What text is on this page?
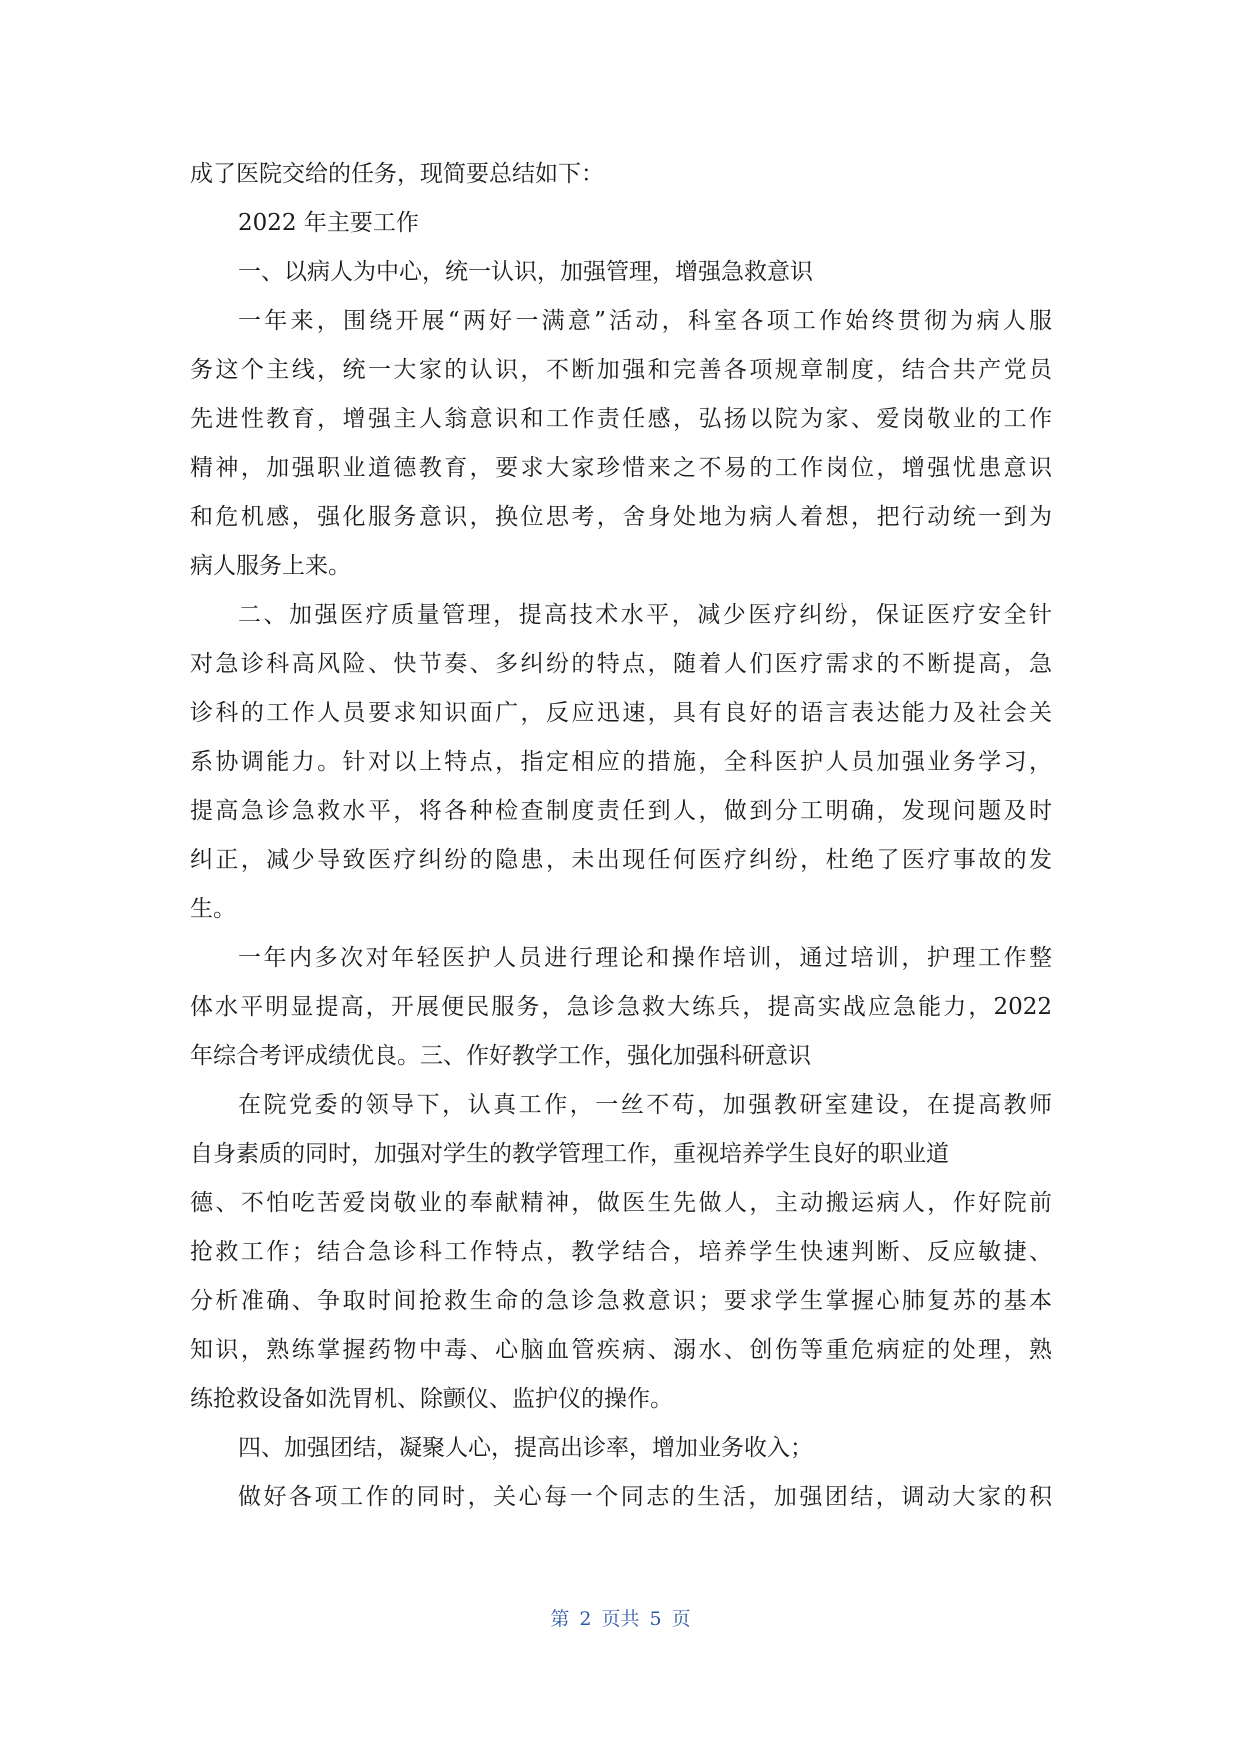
成了医院交给的任务，现简要总结如下：
2022 年主要工作
一、以病人为中心，统一认识，加强管理，增强急救意识
一年来，围绕开展“两好一满意”活动，科室各项工作始终贯彻为病人服
务这个主线，统一大家的认识，不断加强和完善各项规章制度，结合共产党员
先进性教育，增强主人翁意识和工作责任感，弘扬以院为家、爱岗敬业的工作
精神，加强职业道德教育，要求大家珍惜来之不易的工作岗位，增强忧患意识
和危机感，强化服务意识，换位思考，舍身处地为病人着想，把行动统一到为
病人服务上来。
二、加强医疗质量管理，提高技术水平，减少医疗纠纷，保证医疗安全针
对急诊科高风险、快节奏、多纠纷的特点，随着人们医疗需求的不断提高，急
诊科的工作人员要求知识面广，反应迅速，具有良好的语言表达能力及社会关
系协调能力。针对以上特点，指定相应的措施，全科医护人员加强业务学习，
提高急诊急救水平，将各种检查制度责任到人，做到分工明确，发现问题及时
纠正，减少导致医疗纠纷的隐患，未出现任何医疗纠纷，杜绝了医疗事故的发
生。
一年内多次对年轻医护人员进行理论和操作培训，通过培训，护理工作整
体水平明显提高，开展便民服务，急诊急救大练兵，提高实战应急能力，2022
年综合考评成绩优良。三、作好教学工作，强化加强科研意识
在院党委的领导下，认真工作，一丝不苟，加强教研室建设，在提高教师
自身素质的同时，加强对学生的教学管理工作，重视培养学生良好的职业道
德、不怕吃苦爱岗敬业的奉献精神，做医生先做人，主动搬运病人，作好院前
抢救工作；结合急诊科工作特点，教学结合，培养学生快速判断、反应敏捷、
分析准确、争取时间抢救生命的急诊急救意识；要求学生掌握心肺复苏的基本
知识，熟练掌握药物中毒、心脑血管疾病、溺水、创伤等重危病症的处理，熟
练抢救设备如洗胃机、除颤仪、监护仪的操作。
四、加强团结，凝聚人心，提高出诊率，增加业务收入；
做好各项工作的同时，关心每一个同志的生活，加强团结，调动大家的积
第 2 页共 5 页
